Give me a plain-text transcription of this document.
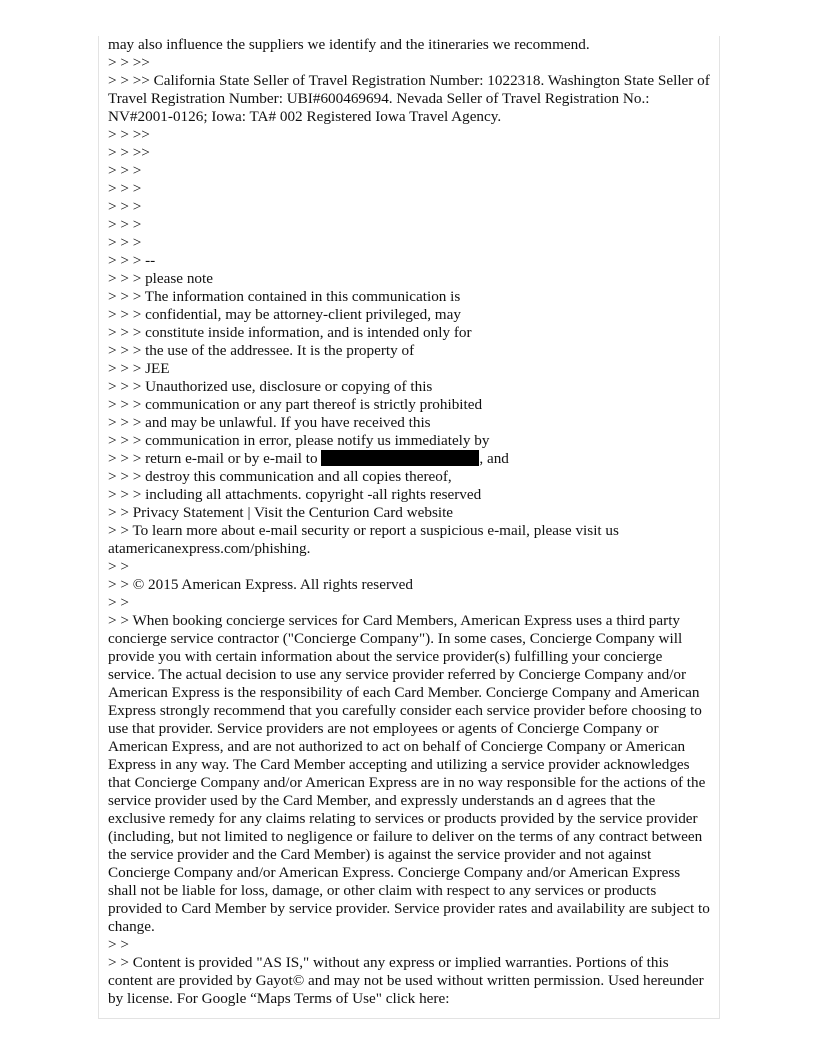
may also influence the suppliers we identify and the itineraries we recommend.
> > >>
> > >> California State Seller of Travel Registration Number: 1022318. Washington State Seller of Travel Registration Number: UBI#600469694. Nevada Seller of Travel Registration No.: NV#2001-0126; Iowa: TA# 002 Registered Iowa Travel Agency.
> > >>
> > >>
> > >
> > >
> > >
> > >
> > >
> > > --
> > > please note
> > > The information contained in this communication is
> > > confidential, may be attorney-client privileged, may
> > > constitute inside information, and is intended only for
> > > the use of the addressee. It is the property of
> > > JEE
> > > Unauthorized use, disclosure or copying of this
> > > communication or any part thereof is strictly prohibited
> > > and may be unlawful. If you have received this
> > > communication in error, please notify us immediately by
> > > return e-mail or by e-mail to	, and
> > > destroy this communication and all copies thereof,
> > > including all attachments. copyright -all rights reserved
> > Privacy Statement | Visit the Centurion Card website
> > To learn more about e-mail security or report a suspicious e-mail, please visit us atamericanexpress.com/phishing.
> >
> > © 2015 American Express. All rights reserved
> >
> > When booking concierge services for Card Members, American Express uses a third party concierge service contractor ("Concierge Company"). In some cases, Concierge Company will provide you with certain information about the service provider(s) fulfilling your concierge service. The actual decision to use any service provider referred by Concierge Company and/or American Express is the responsibility of each Card Member. Concierge Company and American Express strongly recommend that you carefully consider each service provider before choosing to use that provider. Service providers are not employees or agents of Concierge Company or American Express, and are not authorized to act on behalf of Concierge Company or American Express in any way. The Card Member accepting and utilizing a service provider acknowledges that Concierge Company and/or American Express are in no way responsible for the actions of the service provider used by the Card Member, and expressly understands an d agrees that the exclusive remedy for any claims relating to services or products provided by the service provider (including, but not limited to negligence or failure to deliver on the terms of any contract between the service provider and the Card Member) is against the service provider and not against Concierge Company and/or American Express. Concierge Company and/or American Express shall not be liable for loss, damage, or other claim with respect to any services or products provided to Card Member by service provider. Service provider rates and availability are subject to change.
> >
> > Content is provided "AS IS," without any express or implied warranties. Portions of this content are provided by Gayot© and may not be used without written permission. Used hereunder by license. For Google “Maps Terms of Use" click here:
